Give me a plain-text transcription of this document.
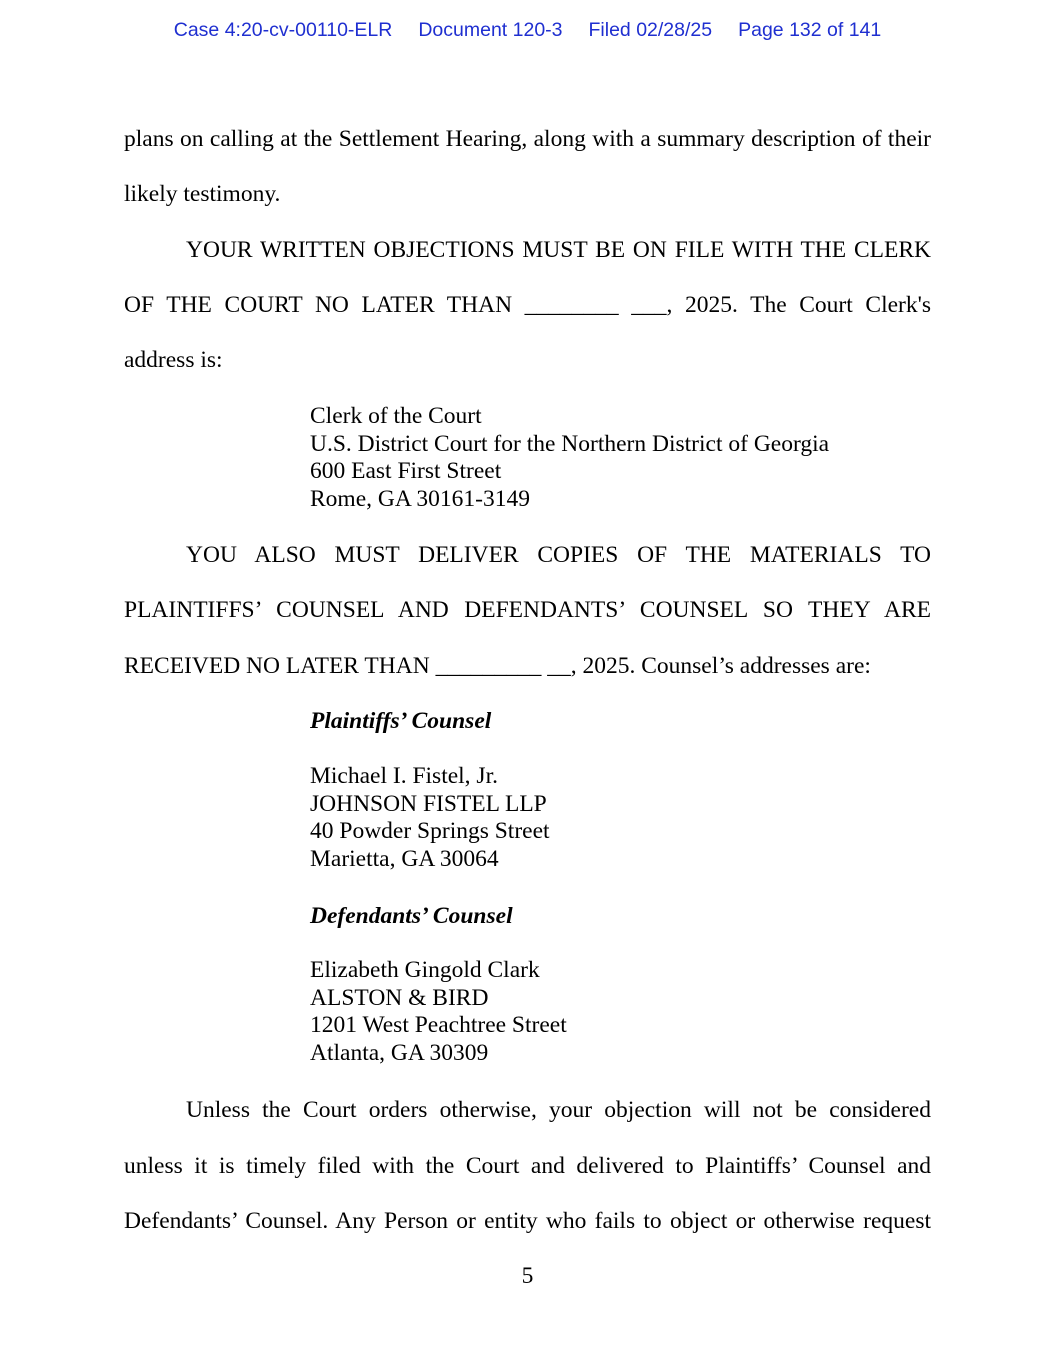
Case 4:20-cv-00110-ELR Document 120-3 Filed 02/28/25 Page 132 of 141
plans on calling at the Settlement Hearing, along with a summary description of their
likely testimony.
YOUR WRITTEN OBJECTIONS MUST BE ON FILE WITH THE CLERK
OF THE COURT NO LATER THAN ________ ___, 2025. The Court Clerk's
address is:
Clerk of the Court
U.S. District Court for the Northern District of Georgia
600 East First Street
Rome, GA 30161-3149
YOU ALSO MUST DELIVER COPIES OF THE MATERIALS TO
PLAINTIFFS’ COUNSEL AND DEFENDANTS’ COUNSEL SO THEY ARE
RECEIVED NO LATER THAN _________ __, 2025. Counsel’s addresses are:
Plaintiffs’ Counsel
Michael I. Fistel, Jr.
JOHNSON FISTEL LLP
40 Powder Springs Street
Marietta, GA 30064
Defendants’ Counsel
Elizabeth Gingold Clark
ALSTON & BIRD
1201 West Peachtree Street
Atlanta, GA 30309
Unless the Court orders otherwise, your objection will not be considered
unless it is timely filed with the Court and delivered to Plaintiffs’ Counsel and
Defendants’ Counsel. Any Person or entity who fails to object or otherwise request
5
